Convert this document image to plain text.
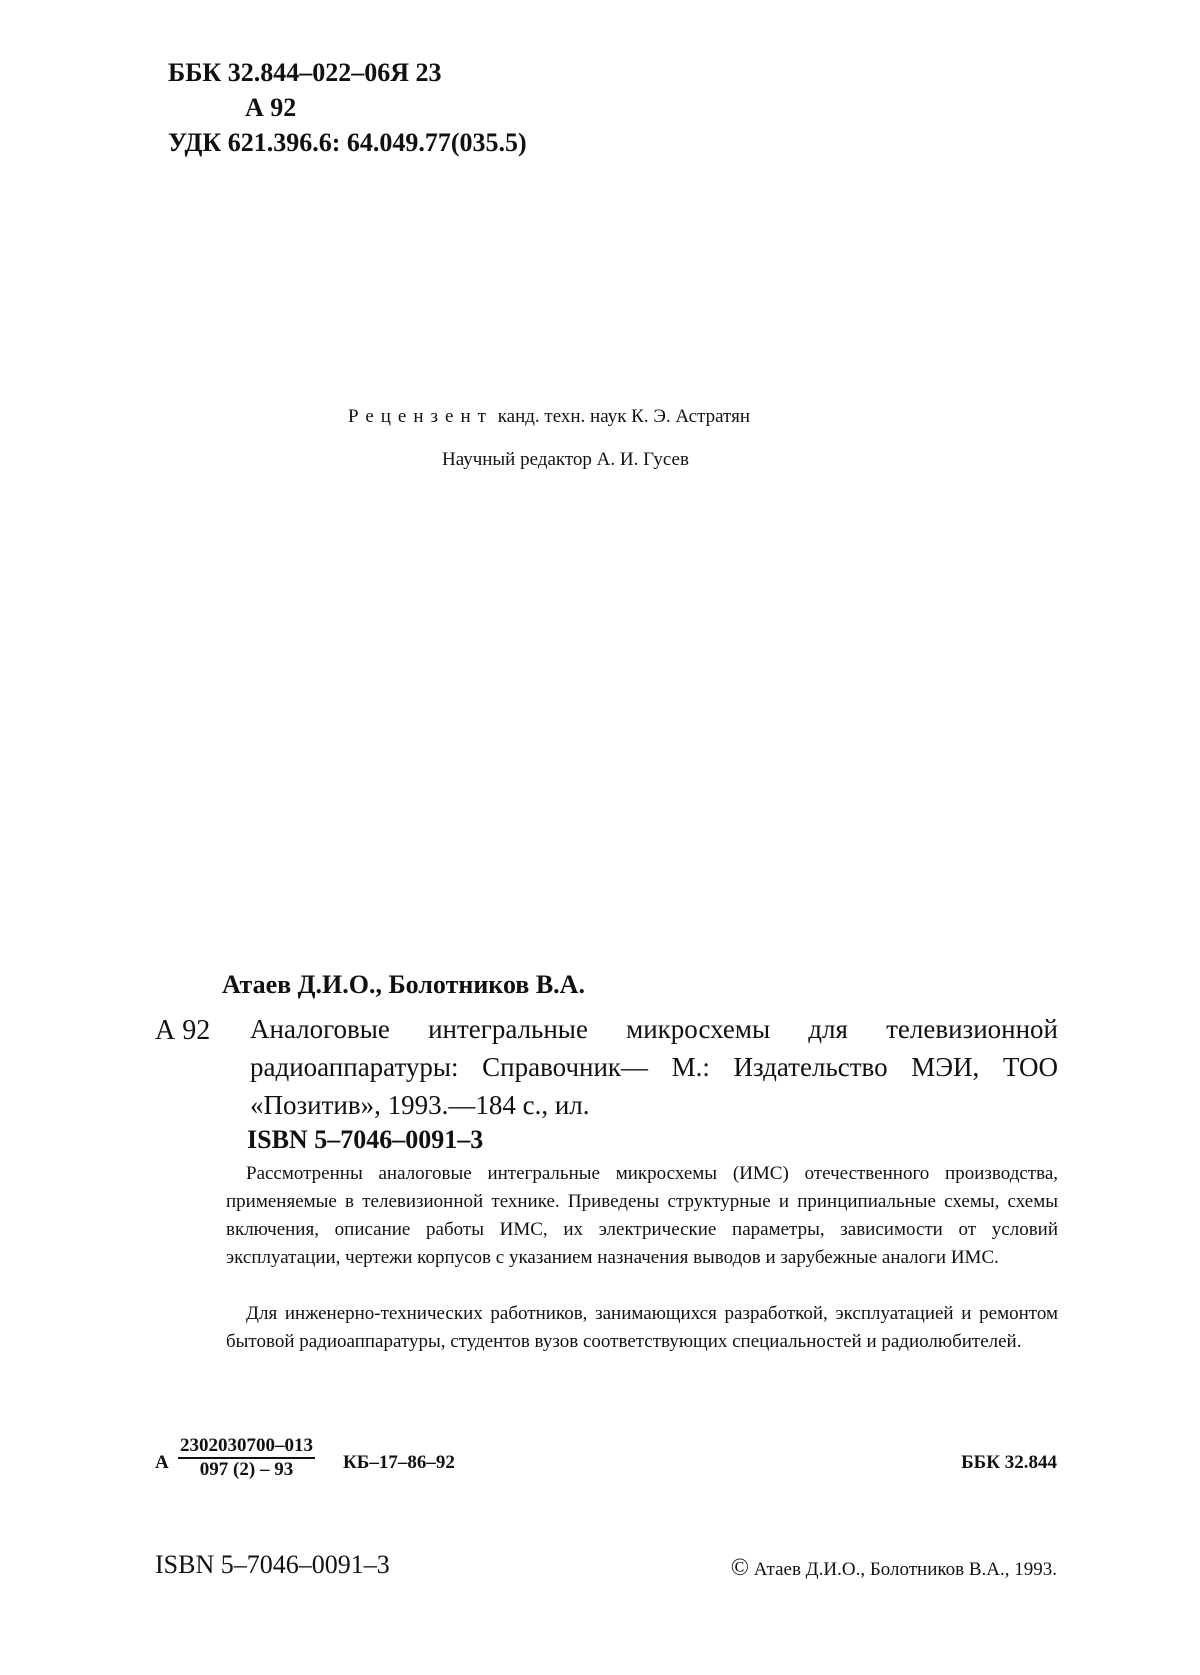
ББК 32.844–022–06Я 23
А 92
УДК 621.396.6: 64.049.77(035.5)
Рецензент канд. техн. наук К. Э. Астратян
Научный редактор А. И. Гусев
Атаев Д.И.О., Болотников В.А.
А 92 Аналоговые интегральные микросхемы для телевизионной радиоаппаратуры: Справочник— М.: Издательство МЭИ, ТОО «Позитив», 1993.—184 с., ил.
ISBN 5–7046–0091–3
Рассмотренны аналоговые интегральные микросхемы (ИМС) отечественного производства, применяемые в телевизионной технике. Приведены структурные и принципиальные схемы, схемы включения, описание работы ИМС, их электрические параметры, зависимости от условий эксплуатации, чертежи корпусов с указанием назначения выводов и зарубежные аналоги ИМС.
Для инженерно-технических работников, занимающихся разработкой, эксплуатацией и ремонтом бытовой радиоаппаратуры, студентов вузов соответствующих специальностей и радиолюбителей.
А $\frac{2302030700-013}{097 (2) - 93} КБ-17-86-92$	ББК 32.844
ISBN 5–7046–0091–3	© Атаев Д.И.О., Болотников В.А., 1993.
